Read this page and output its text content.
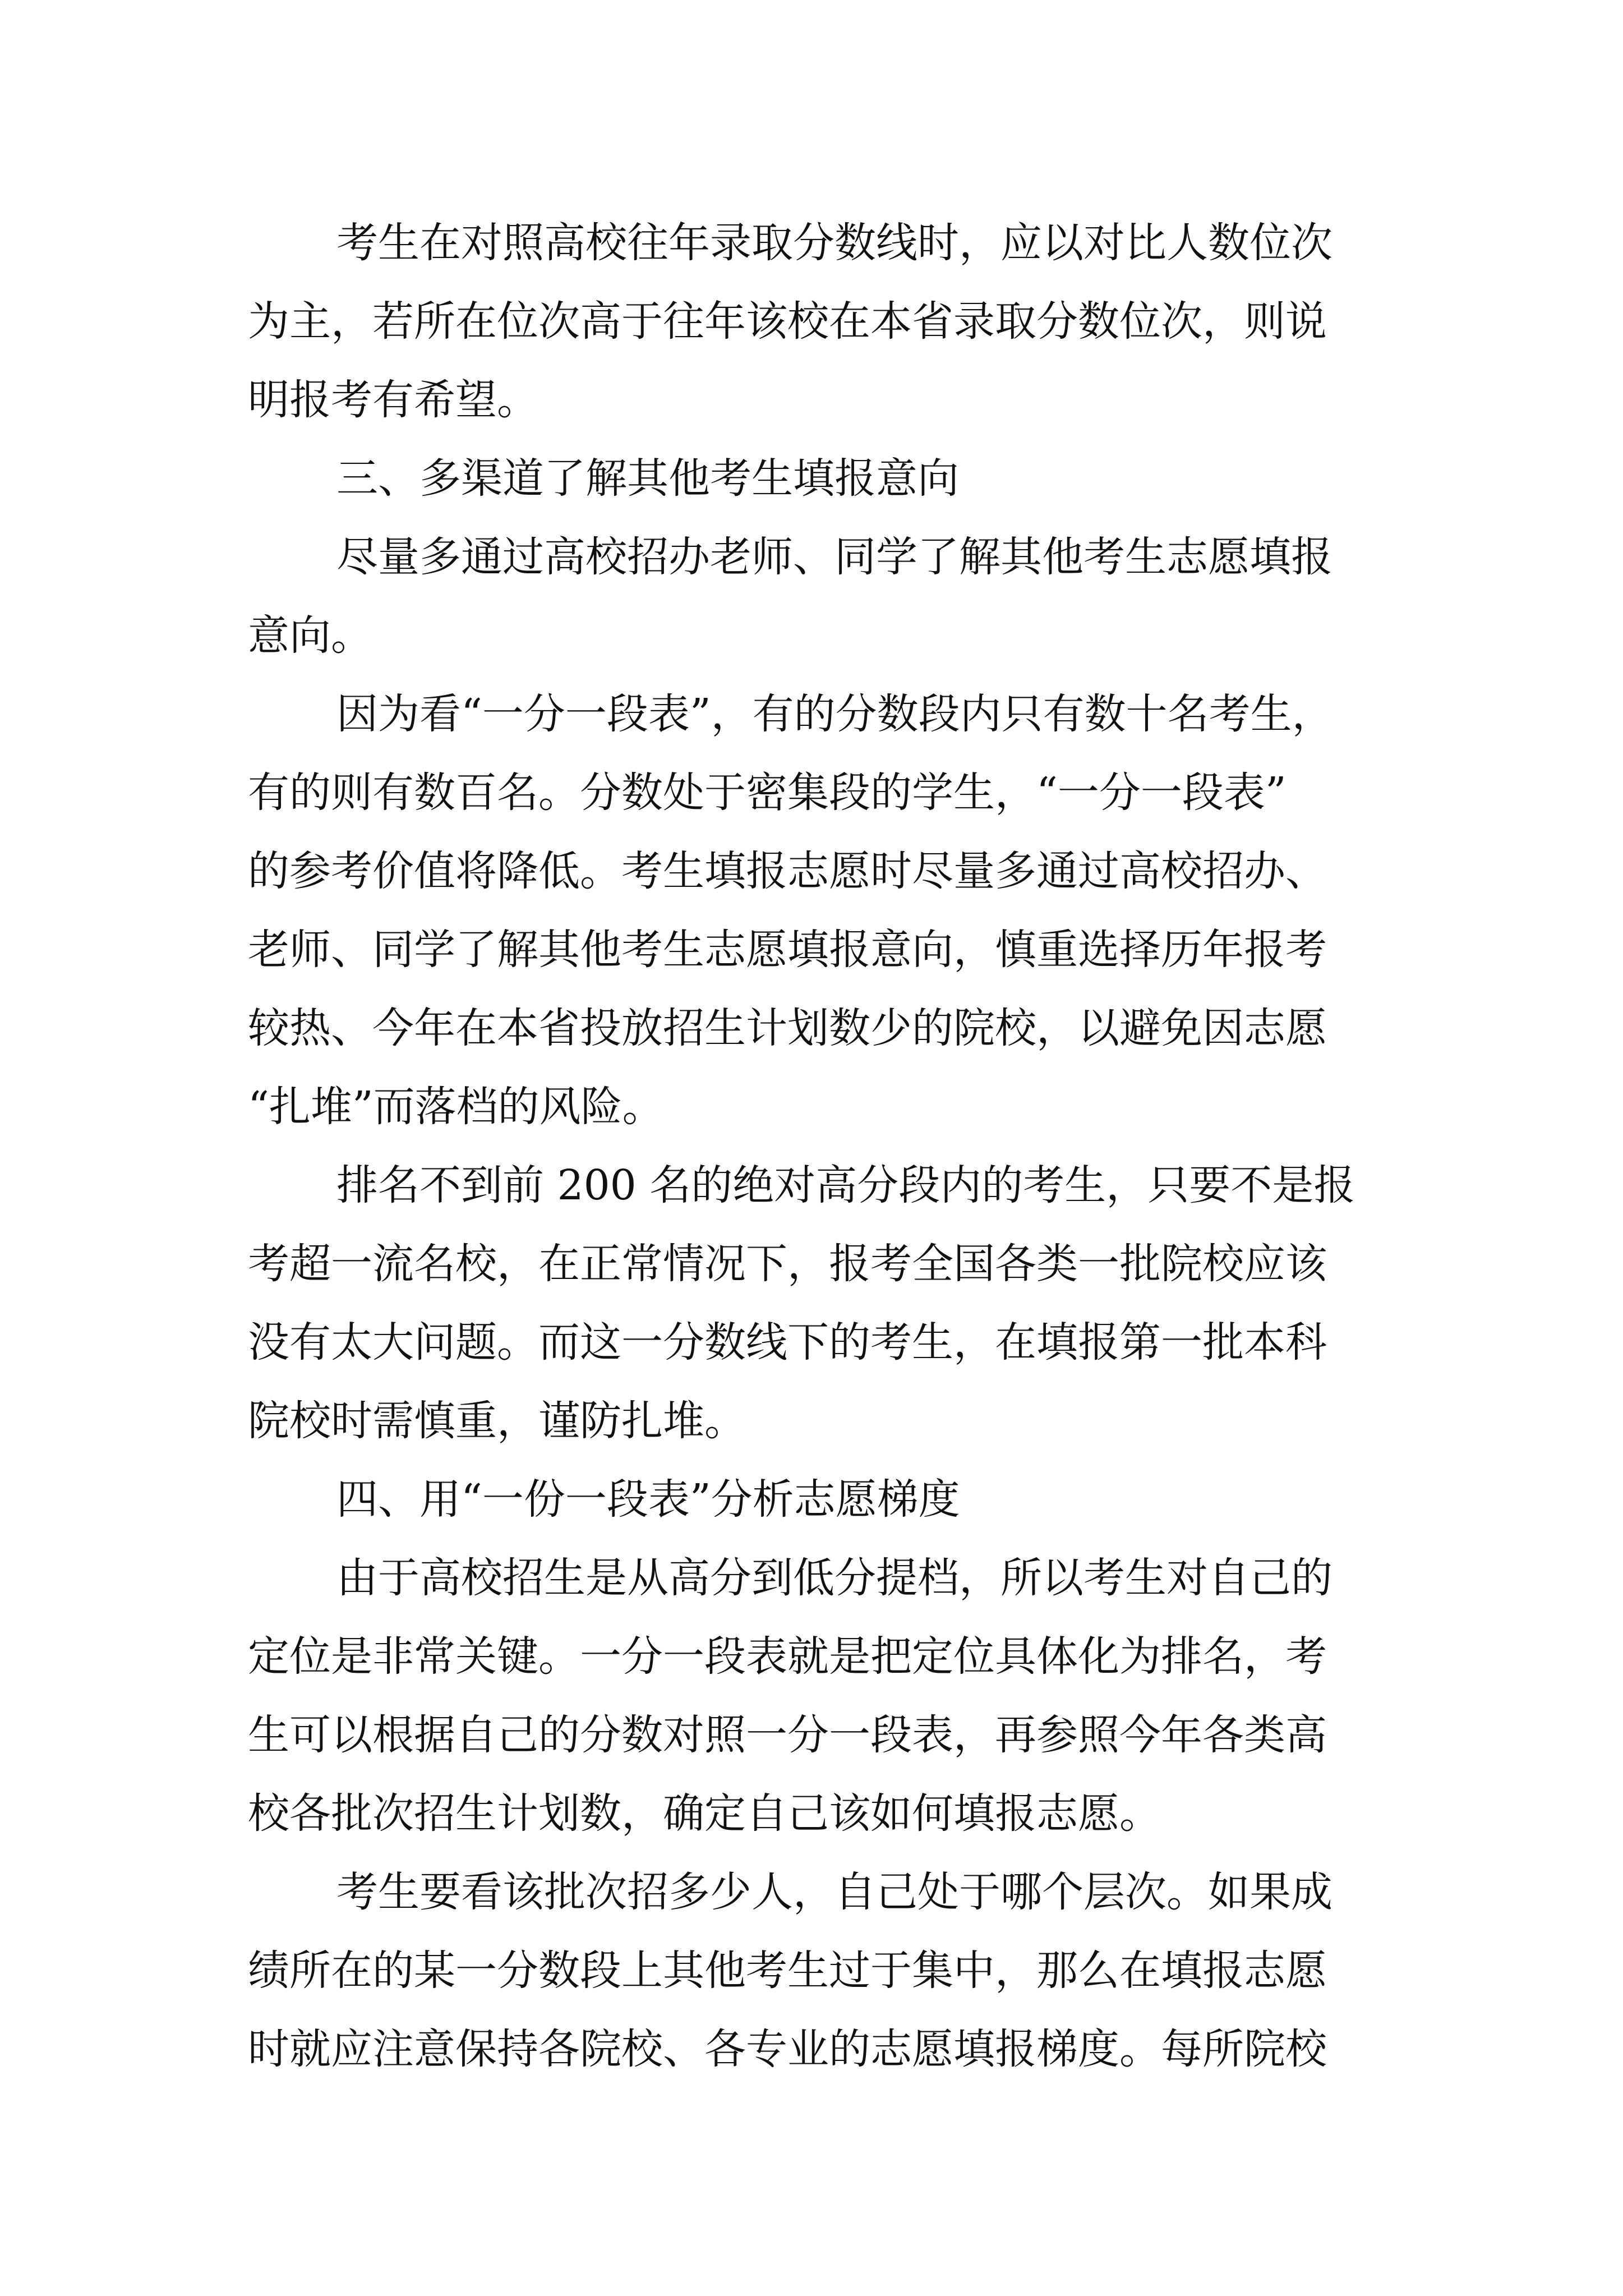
考生在对照高校往年录取分数线时，应以对比人数位次

为主，若所在位次高于往年该校在本省录取分数位次，则说

明报考有希望。

三、多渠道了解其他考生填报意向

尽量多通过高校招办老师、同学了解其他考生志愿填报

意向。

因为看“一分一段表”，有的分数段内只有数十名考生，

有的则有数百名。分数处于密集段的学生，“一分一段表”

的参考价值将降低。考生填报志愿时尽量多通过高校招办、

老师、同学了解其他考生志愿填报意向，慎重选择历年报考

较热、今年在本省投放招生计划数少的院校，以避免因志愿

“扎堆”而落档的风险。

排名不到前 200 名的绝对高分段内的考生，只要不是报

考超一流名校，在正常情况下，报考全国各类一批院校应该

没有太大问题。而这一分数线下的考生，在填报第一批本科

院校时需慎重，谨防扎堆。

四、用“一份一段表”分析志愿梯度

由于高校招生是从高分到低分提档，所以考生对自己的

定位是非常关键。一分一段表就是把定位具体化为排名，考

生可以根据自己的分数对照一分一段表，再参照今年各类高

校各批次招生计划数，确定自己该如何填报志愿。

考生要看该批次招多少人，自己处于哪个层次。如果成

绩所在的某一分数段上其他考生过于集中，那么在填报志愿

时就应注意保持各院校、各专业的志愿填报梯度。每所院校
